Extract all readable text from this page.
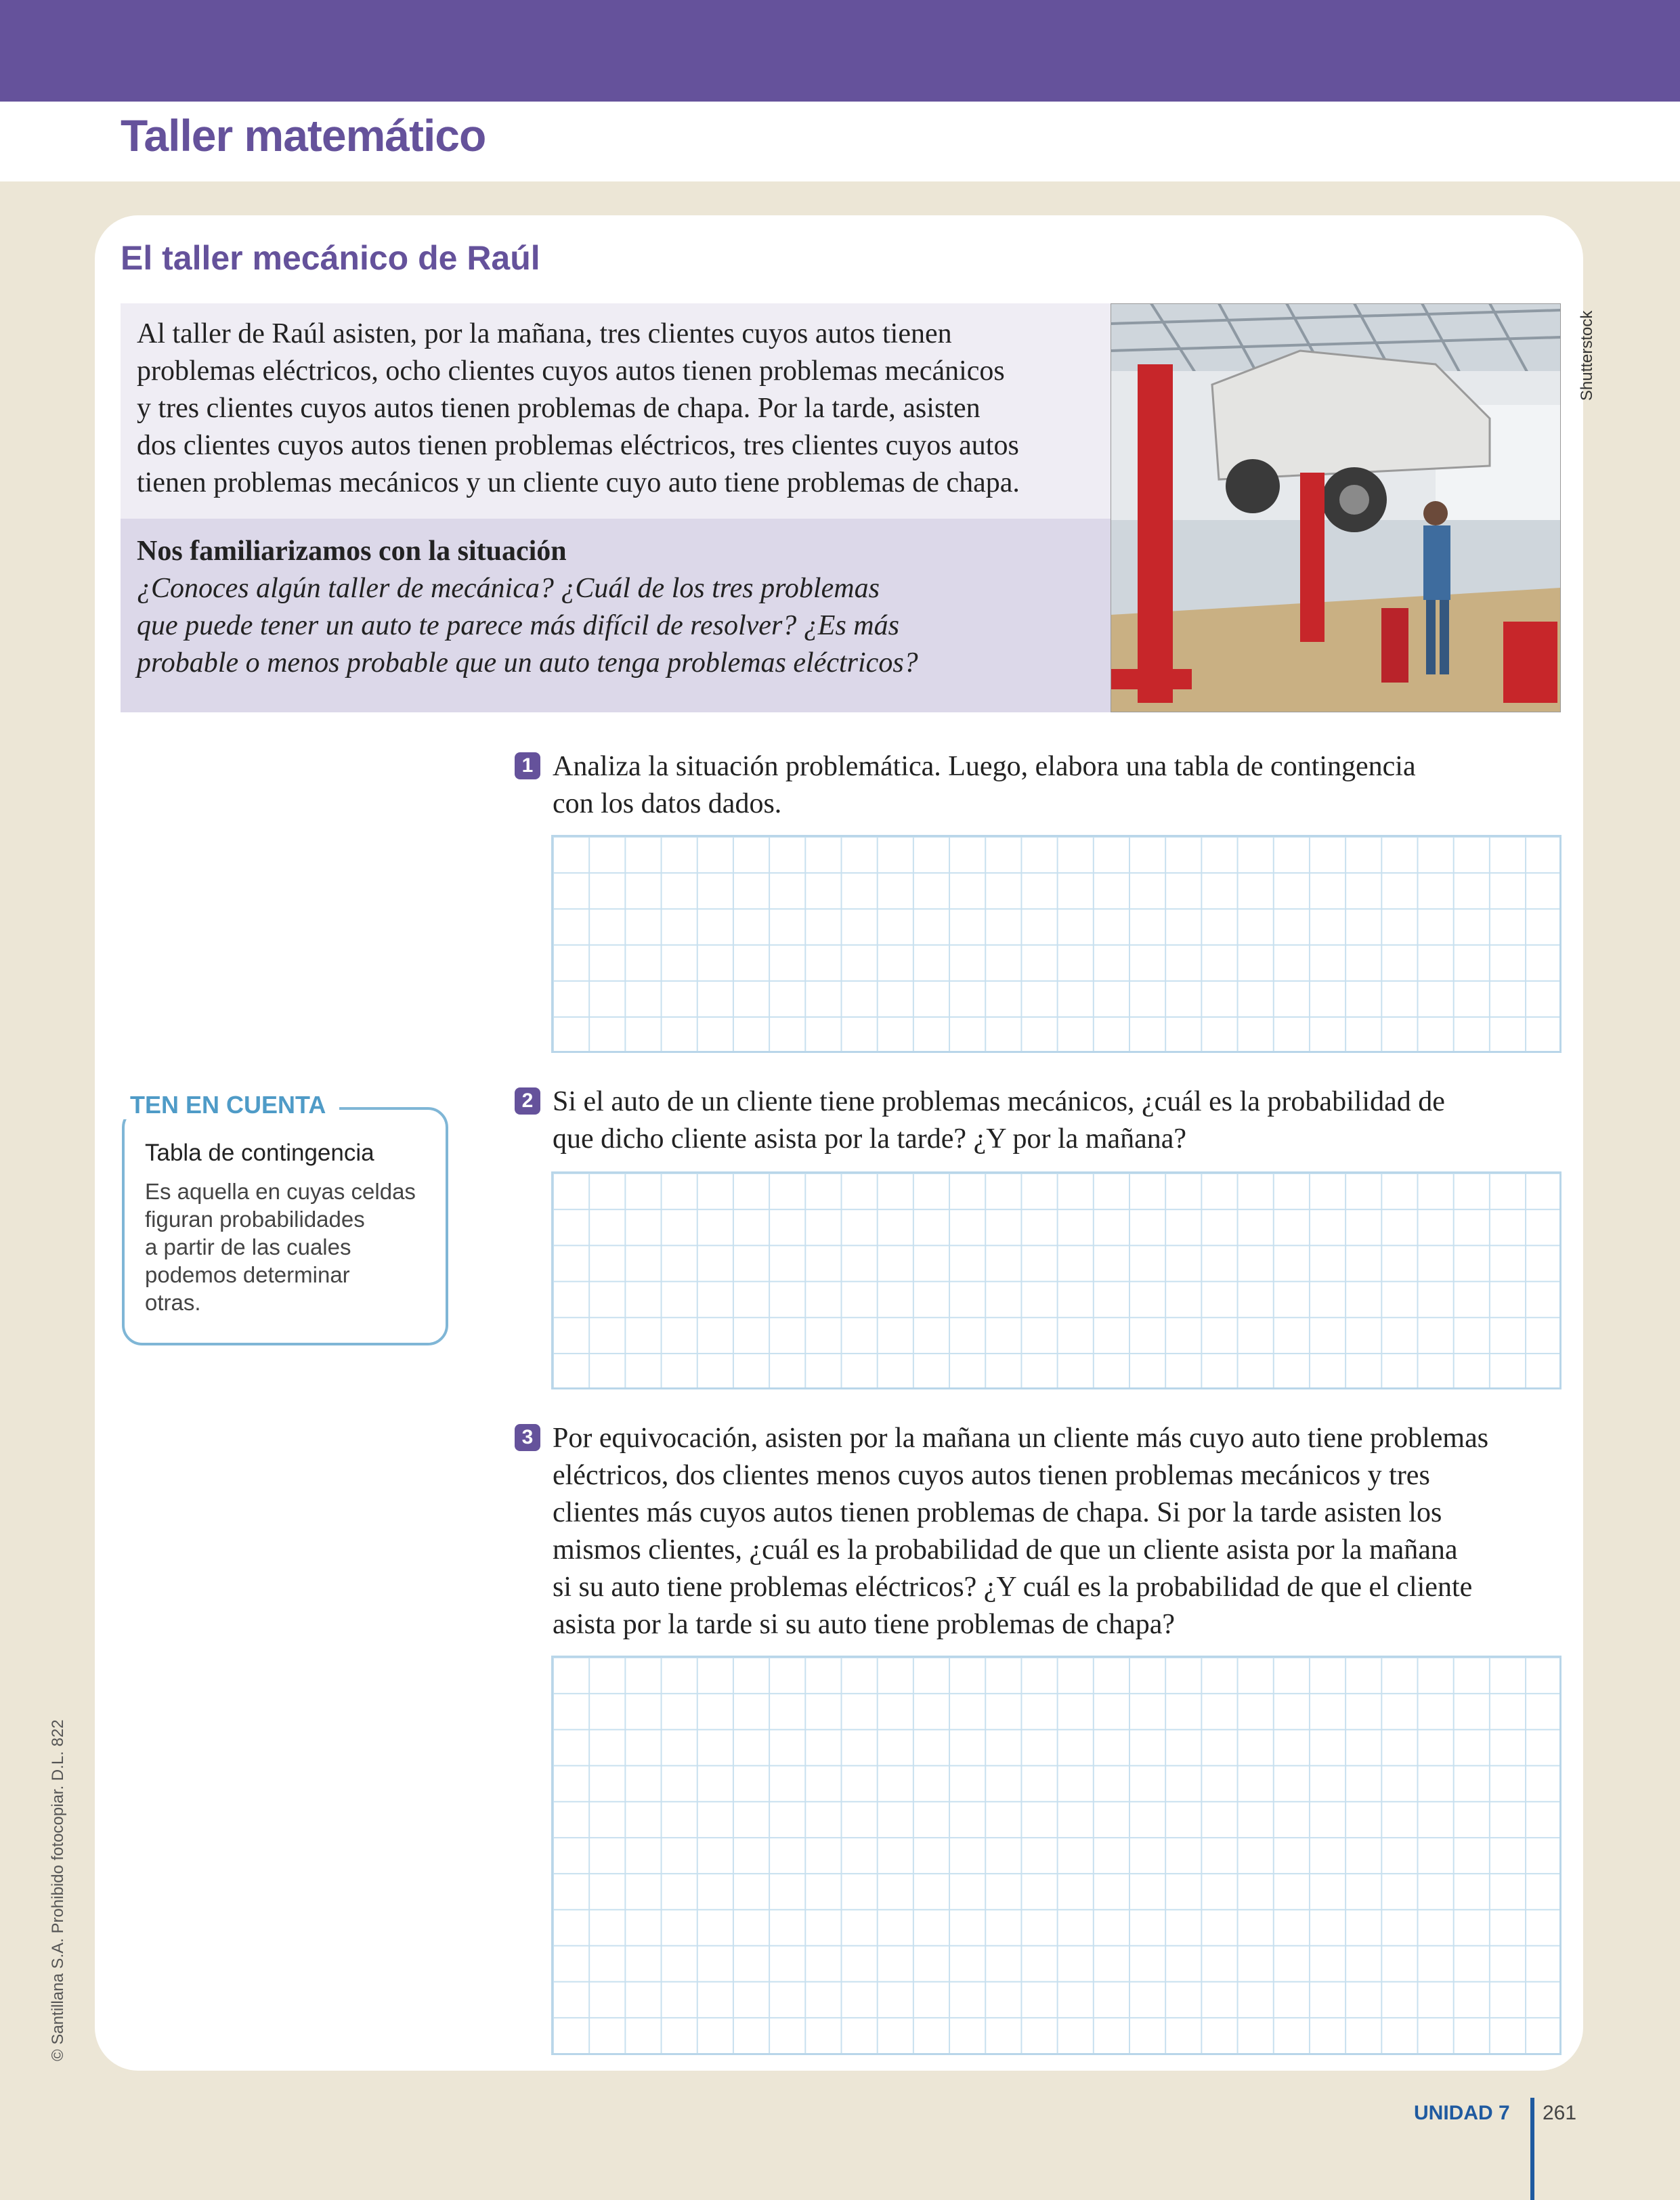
Taller matemático
El taller mecánico de Raúl

Al taller de Raúl asisten, por la mañana, tres clientes cuyos autos tienen
problemas eléctricos, ocho clientes cuyos autos tienen problemas mecánicos
y tres clientes cuyos autos tienen problemas de chapa. Por la tarde, asisten
dos clientes cuyos autos tienen problemas eléctricos, tres clientes cuyos autos
tienen problemas mecánicos y un cliente cuyo auto tiene problemas de chapa.

Nos familiarizamos con la situación

¿Conoces algún taller de mecánica? ¿Cuál de los tres problemas
que puede tener un auto te parece más difícil de resolver? ¿Es más
probable o menos probable que un auto tenga problemas eléctricos?

Shutterstock

1 Analiza la situación problemática. Luego, elabora una tabla de contingencia
con los datos dados.

2 Si el auto de un cliente tiene problemas mecánicos, ¿cuál es la probabilidad de
que dicho cliente asista por la tarde? ¿Y por la mañana?

3 Por equivocación, asisten por la mañana un cliente más cuyo auto tiene problemas
eléctricos, dos clientes menos cuyos autos tienen problemas mecánicos y tres
clientes más cuyos autos tienen problemas de chapa. Si por la tarde asisten los
mismos clientes, ¿cuál es la probabilidad de que un cliente asista por la mañana
si su auto tiene problemas eléctricos? ¿Y cuál es la probabilidad de que el cliente
asista por la tarde si su auto tiene problemas de chapa?

TEN EN CUENTA

Tabla de contingencia

Es aquella en cuyas celdas
figuran probabilidades
a partir de las cuales
podemos determinar
otras.

© Santillana S.A. Prohibido fotocopiar. D.L. 822

UNIDAD 7 261
